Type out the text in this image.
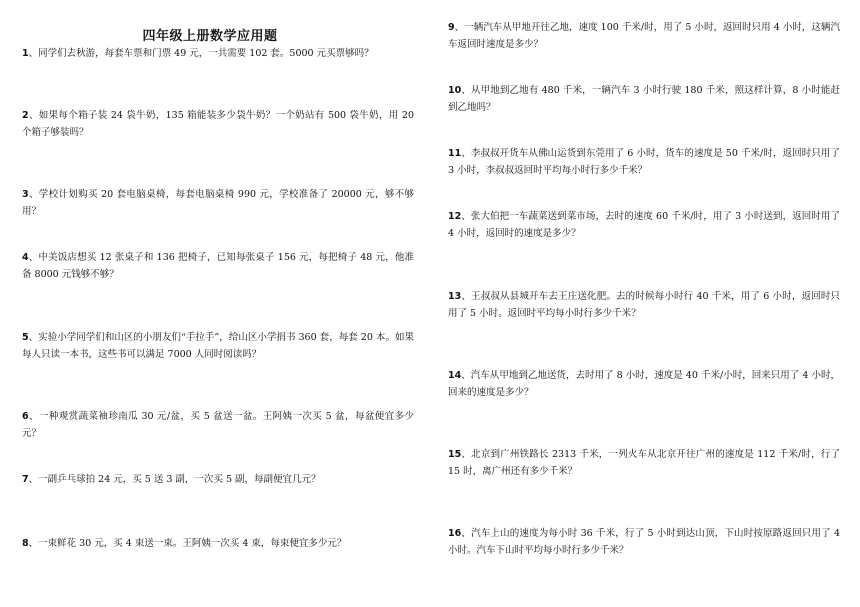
四年级上册数学应用题
1、同学们去秋游，每套车票和门票 49 元，一共需要 102 套。5000 元买票够吗？
2、如果每个箱子装 24 袋牛奶，135 箱能装多少袋牛奶？一个奶站有 500 袋牛奶，用 20 个箱子够装吗？
3、学校计划购买 20 套电脑桌椅，每套电脑桌椅 990 元，学校准备了 20000 元，够不够用？
4、中美饭店想买 12 张桌子和 136 把椅子，已知每张桌子 156 元，每把椅子 48 元，他准备 8000 元钱够不够？
5、实验小学同学们和山区的小朋友们“手拉手”，给山区小学捐书 360 套，每套 20 本。如果每人只读一本书，这些书可以满足 7000 人同时阅读吗？
6、一种观赏蔬菜袖珍南瓜 30 元/盆，买 5 盆送一盆。王阿姨一次买 5 盆，每盆便宜多少元？
7、一副乒乓球拍 24 元，买 5 送 3 副，一次买 5 副，每副便宜几元？
8、一束鲜花 30 元，买 4 束送一束。王阿姨一次买 4 束，每束便宜多少元？
9、一辆汽车从甲地开往乙地，速度 100 千米/时，用了 5 小时，返回时只用 4 小时，这辆汽车返回时速度是多少？
10、从甲地到乙地有 480 千米，一辆汽车 3 小时行驶 180 千米，照这样计算，8 小时能赶到乙地吗？
11、李叔叔开货车从佛山运货到东莞用了 6 小时，货车的速度是 50 千米/时，返回时只用了 3 小时，李叔叔返回时平均每小时行多少千米？
12、张大伯把一车蔬菜送到菜市场，去时的速度 60 千米/时，用了 3 小时送到，返回时用了 4 小时，返回时的速度是多少？
13、王叔叔从县城开车去王庄送化肥。去的时候每小时行 40 千米，用了 6 小时，返回时只用了 5 小时。返回时平均每小时行多少千米？
14、汽车从甲地到乙地送货，去时用了 8 小时，速度是 40 千米/小时，回来只用了 4 小时，回来的速度是多少？
15、北京到广州铁路长 2313 千米，一列火车从北京开往广州的速度是 112 千米/时，行了 15 时，离广州还有多少千米？
16、汽车上山的速度为每小时 36 千米，行了 5 小时到达山顶，下山时按原路返回只用了 4 小时。汽车下山时平均每小时行多少千米？
